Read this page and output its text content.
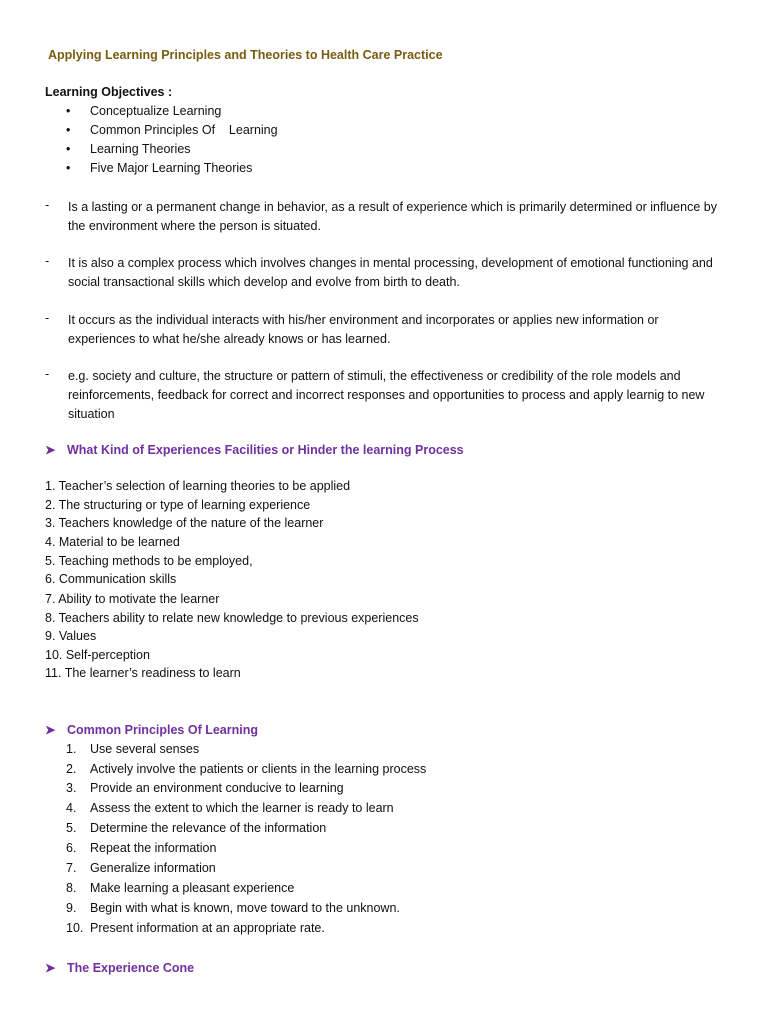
Applying Learning Principles and Theories to Health Care Practice
Learning Objectives :
• Conceptualize Learning
• Common Principles Of    Learning
• Learning Theories
• Five Major Learning Theories
- Is a lasting or a permanent change in behavior, as a result of experience which is primarily determined or influence by the environment where the person is situated.
- It is also a complex process which involves changes in mental processing, development of emotional functioning and social transactional skills which develop and evolve from birth to death.
- It occurs as the individual interacts with his/her environment and incorporates or applies new information or experiences to what he/she already knows or has learned.
- e.g. society and culture, the structure or pattern of stimuli, the effectiveness or credibility of the role models and reinforcements, feedback for correct and incorrect responses and opportunities to process and apply learnig to new situation
➤ What Kind of Experiences Facilities or Hinder the learning Process
1. Teacher’s selection of learning theories to be applied
2. The structuring or type of learning experience
3. Teachers knowledge of the nature of the learner
4. Material to be learned
5. Teaching methods to be employed,
6. Communication skills
7. Ability to motivate the learner
8. Teachers ability to relate new knowledge to previous experiences
9. Values
10. Self-perception
11. The learner’s readiness to learn
➤ Common Principles Of Learning
1. Use several senses
2. Actively involve the patients or clients in the learning process
3. Provide an environment conducive to learning
4. Assess the extent to which the learner is ready to learn
5. Determine the relevance of the information
6. Repeat the information
7. Generalize information
8. Make learning a pleasant experience
9. Begin with what is known, move toward to the unknown.
10. Present information at an appropriate rate.
➤ The Experience Cone
